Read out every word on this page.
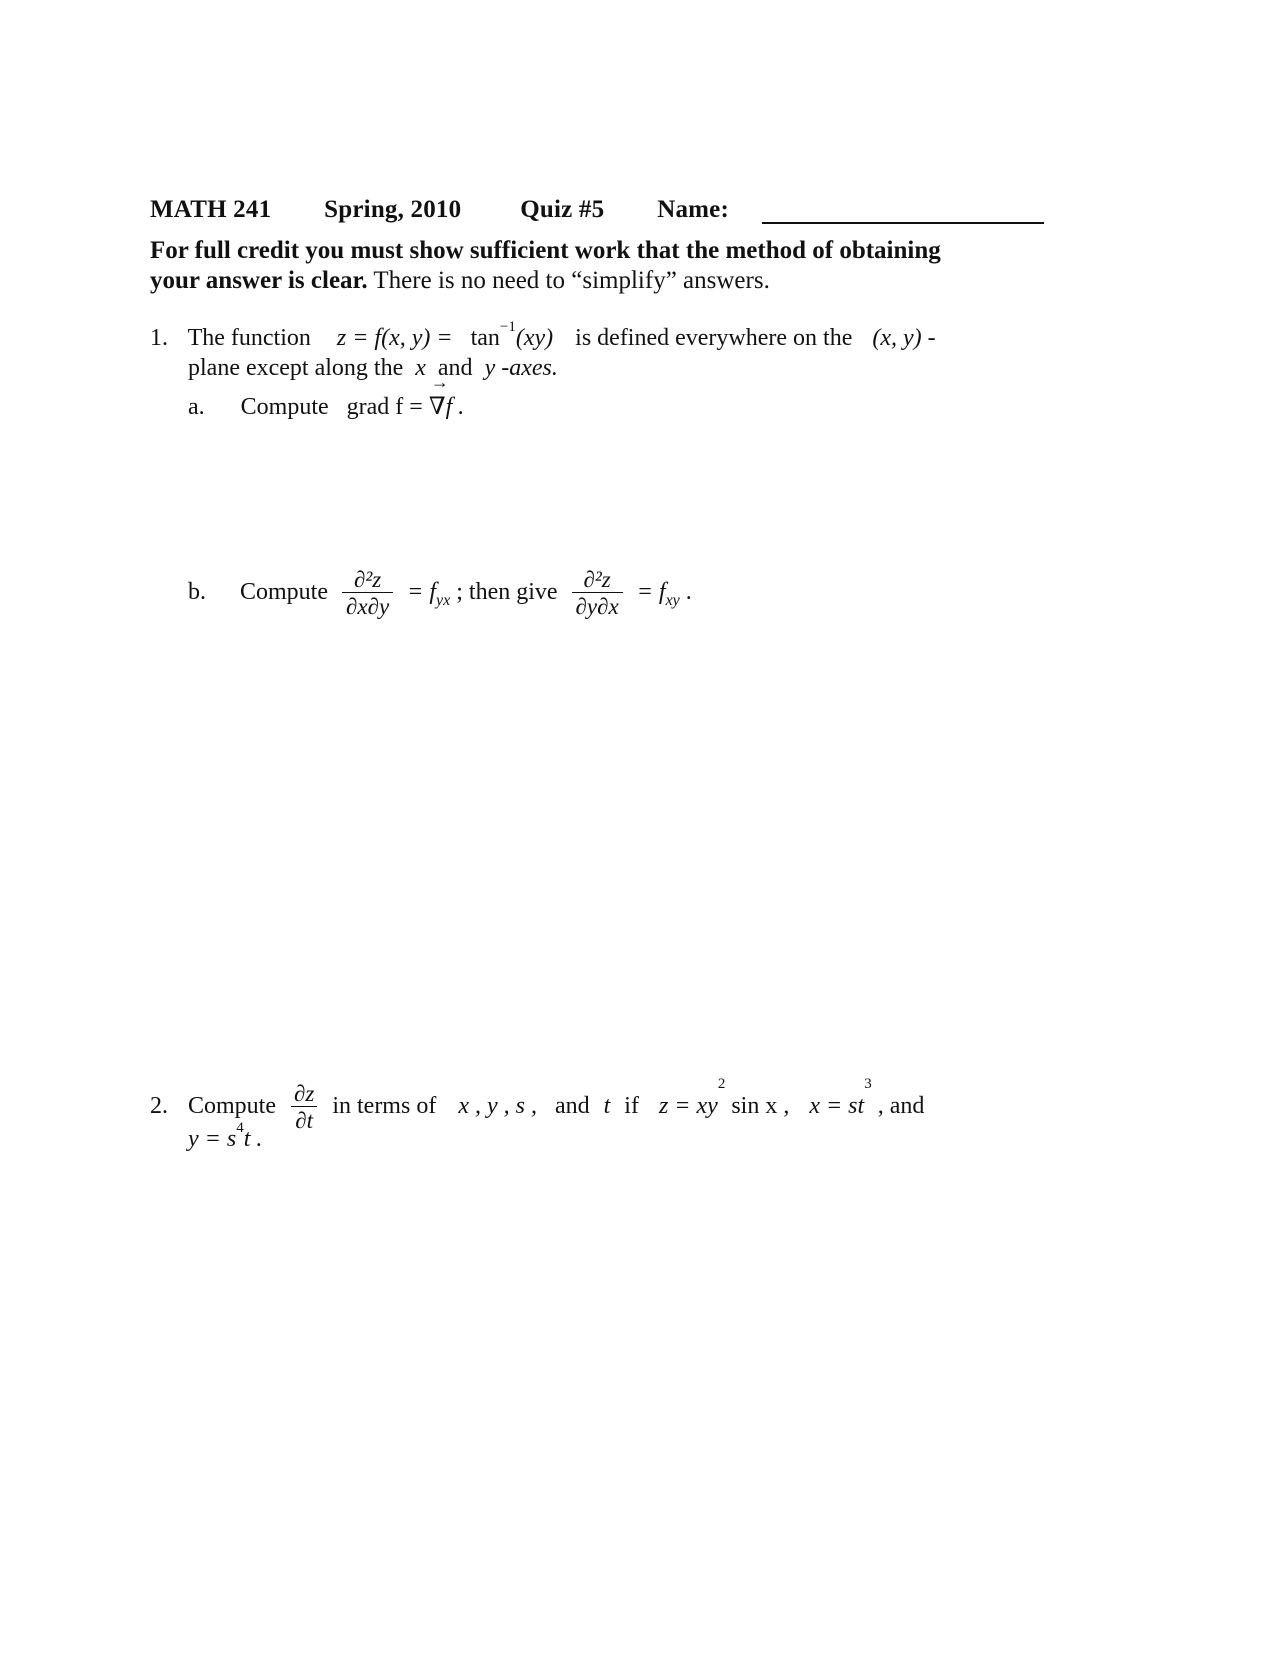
MATH 241 Spring, 2010 Quiz #5 Name:
For full credit you must show sufficient work that the method of obtaining
your answer is clear. There is no need to “simplify” answers.
1. The function z = f(x, $y) = \tan^{-1}(xy)$ is defined everywhere on the (x, y) -
plane except along the x and y -axes.
a. Compute grad f = → ∇f .
b. Compute $\frac{\text{∂²z}}{\partial x\partial y} = f_{yx}$ ; then give $\frac{\text{∂²z}}{\partial y\partial x} = f_{xy}$ .
2. Compute $\frac{\partial z}{\partial t}$ in terms of x , y , s , and t if $z = xy^2$ sin x , $x = st^3$ , and
$y = s^4t$ .
